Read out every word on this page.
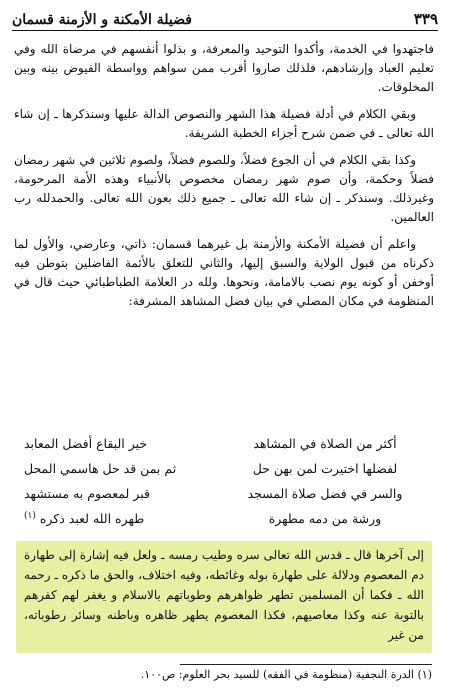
٣٣٩
فضيلة الأمكنة و الأزمنة قسمان

فاجتهدوا في الخدمة، وأكدوا التوحيد والمعرفة، و بذلوا أنفسهم في مرضاة الله وفي تعليم العباد وإرشادهم، فلذلك صاروا أقرب ممن سواهم وواسطة الفيوض بينه وبين المخلوقات.

وبقي الكلام في أدلة فضيلة هذا الشهر والنصوص الدالة عليها وسنذكرها ـ إن شاء الله تعالى ـ في ضمن شرح أجزاء الخطبة الشريفة.

وكذا بقي الكلام في أن الجوع فضلاً، وللصوم فضلاً، ولصوم ثلاثين في شهر رمضان فضلاً وحكمة، وأن صوم شهر رمضان مخصوص بالأنبياء وهذه الأمة المرحومة، وغيرذلك. وسنذكر ـ إن شاء الله تعالى ـ جميع ذلك بعون الله تعالى. والحمدلله رب العالمين.

واعلم أن فضيلة الأمكنة والأزمنة بل غيرهما قسمان: ذاتي، وعارضي، والأول لما ذكرناه من قبول الولاية والسبق إليها، والثاني للتعلق بالأئمة الفاضلين بتوطن فيه أوخفن أو كونه يوم نصب بالامامة، ونحوها. ولله در العلامة الطباطبائي حيث قال في المنظومة في مكان المصلي في بيان فضل المشاهد المشرفة:

أكثر من الصلاة في المشاهد
خير البقاع أفضل المعابد
لفضلها اختيرت لمن بهن حل
ثم بمن قد حل هاسمي المحل
والسر في فضل صلاة المسجد
قبر لمعصوم به مستشهد
ورشة من دمه مطهرة
طهره الله لعبد ذكره $^{(١)}$
إلى آخرها قال ـ قدس الله تعالى سره وطيب رمسه ـ ولعل فيه إشارة إلى طهارة دم المعصوم ودلالة على طهارة بوله وغائطه، وفيه اختلاف، والحق ما ذكره ـ رحمه الله ـ فكما أن المسلمين تطهر ظواهرهم وطوباتهم بالاسلام و يغفر لهم كفرهم بالتوبة عنه وكذا معاصيهم، فكذا المعصوم يطهر ظاهره وباطنه وسائر رطوباته، من غير
(١) الدرة النجفية (منظومة في الفقه) للسيد بحر العلوم: ص١٠٠.
